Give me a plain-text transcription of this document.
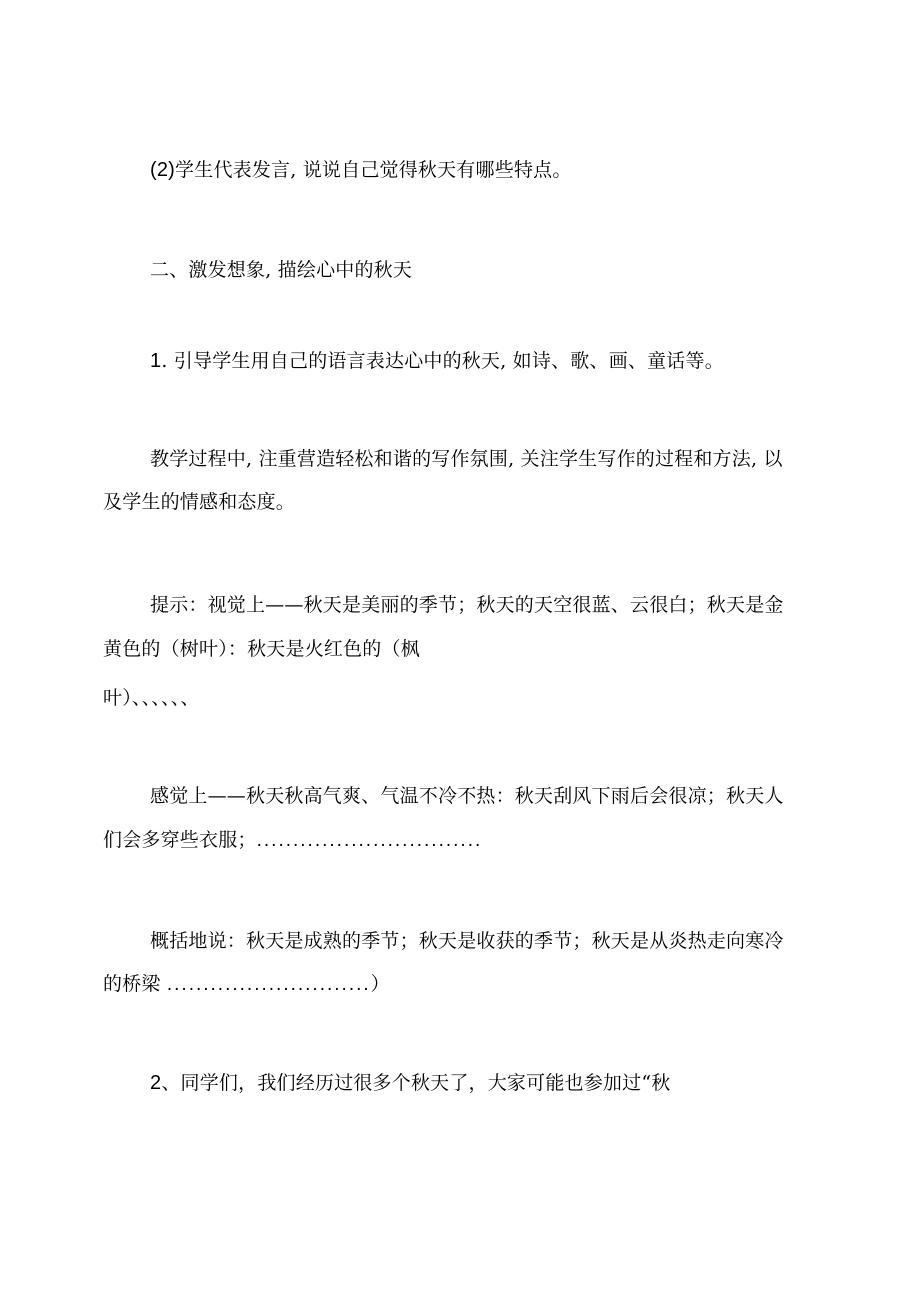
(2)学生代表发言, 说说自己觉得秋天有哪些特点。
二、激发想象, 描绘心中的秋天
1. 引导学生用自己的语言表达心中的秋天, 如诗、歌、画、童话等。
教学过程中, 注重营造轻松和谐的写作氛围, 关注学生写作的过程和方法, 以
及学生的情感和态度。
提示：视觉上——秋天是美丽的季节；秋天的天空很蓝、云很白；秋天是金
黄色的（树叶）：秋天是火红色的（枫
叶）、、、、、、
感觉上——秋天秋高气爽、气温不冷不热：秋天刮风下雨后会很凉；秋天人
们会多穿些衣服；...............................
概括地说：秋天是成熟的季节；秋天是收获的季节；秋天是从炎热走向寒冷
的桥梁 ............................）
2、同学们，我们经历过很多个秋天了，大家可能也参加过“秋
